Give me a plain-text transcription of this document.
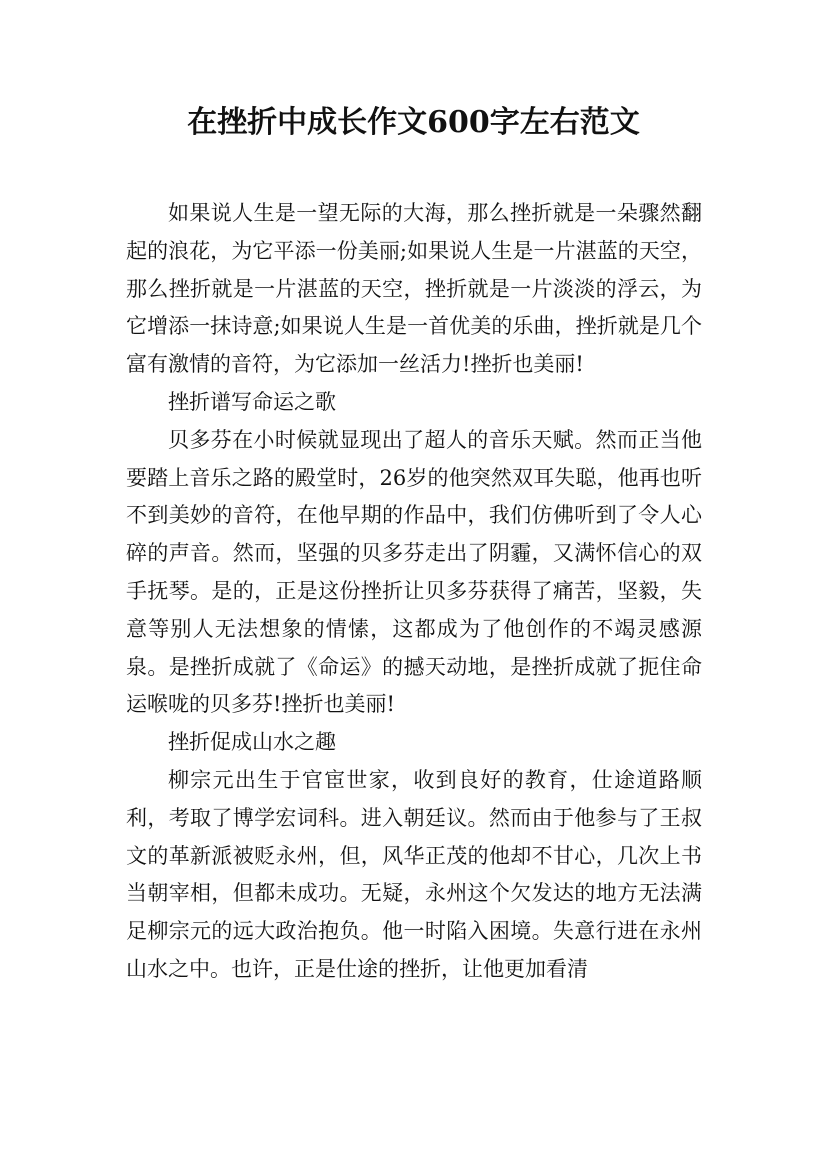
在挫折中成长作文600字左右范文

如果说人生是一望无际的大海，那么挫折就是一朵骤然翻起的浪花，为它平添一份美丽;如果说人生是一片湛蓝的天空，那么挫折就是一片湛蓝的天空，挫折就是一片淡淡的浮云，为它增添一抹诗意;如果说人生是一首优美的乐曲，挫折就是几个富有激情的音符，为它添加一丝活力!挫折也美丽!

挫折谱写命运之歌

贝多芬在小时候就显现出了超人的音乐天赋。然而正当他要踏上音乐之路的殿堂时，26岁的他突然双耳失聪，他再也听不到美妙的音符，在他早期的作品中，我们仿佛听到了令人心碎的声音。然而，坚强的贝多芬走出了阴霾，又满怀信心的双手抚琴。是的，正是这份挫折让贝多芬获得了痛苦，坚毅，失意等别人无法想象的情愫，这都成为了他创作的不竭灵感源泉。是挫折成就了《命运》的撼天动地，是挫折成就了扼住命运喉咙的贝多芬!挫折也美丽!

挫折促成山水之趣

柳宗元出生于官宦世家，收到良好的教育，仕途道路顺利，考取了博学宏词科。进入朝廷议。然而由于他参与了王叔文的革新派被贬永州，但，风华正茂的他却不甘心，几次上书当朝宰相，但都未成功。无疑，永州这个欠发达的地方无法满足柳宗元的远大政治抱负。他一时陷入困境。失意行进在永州山水之中。也许，正是仕途的挫折，让他更加看清
